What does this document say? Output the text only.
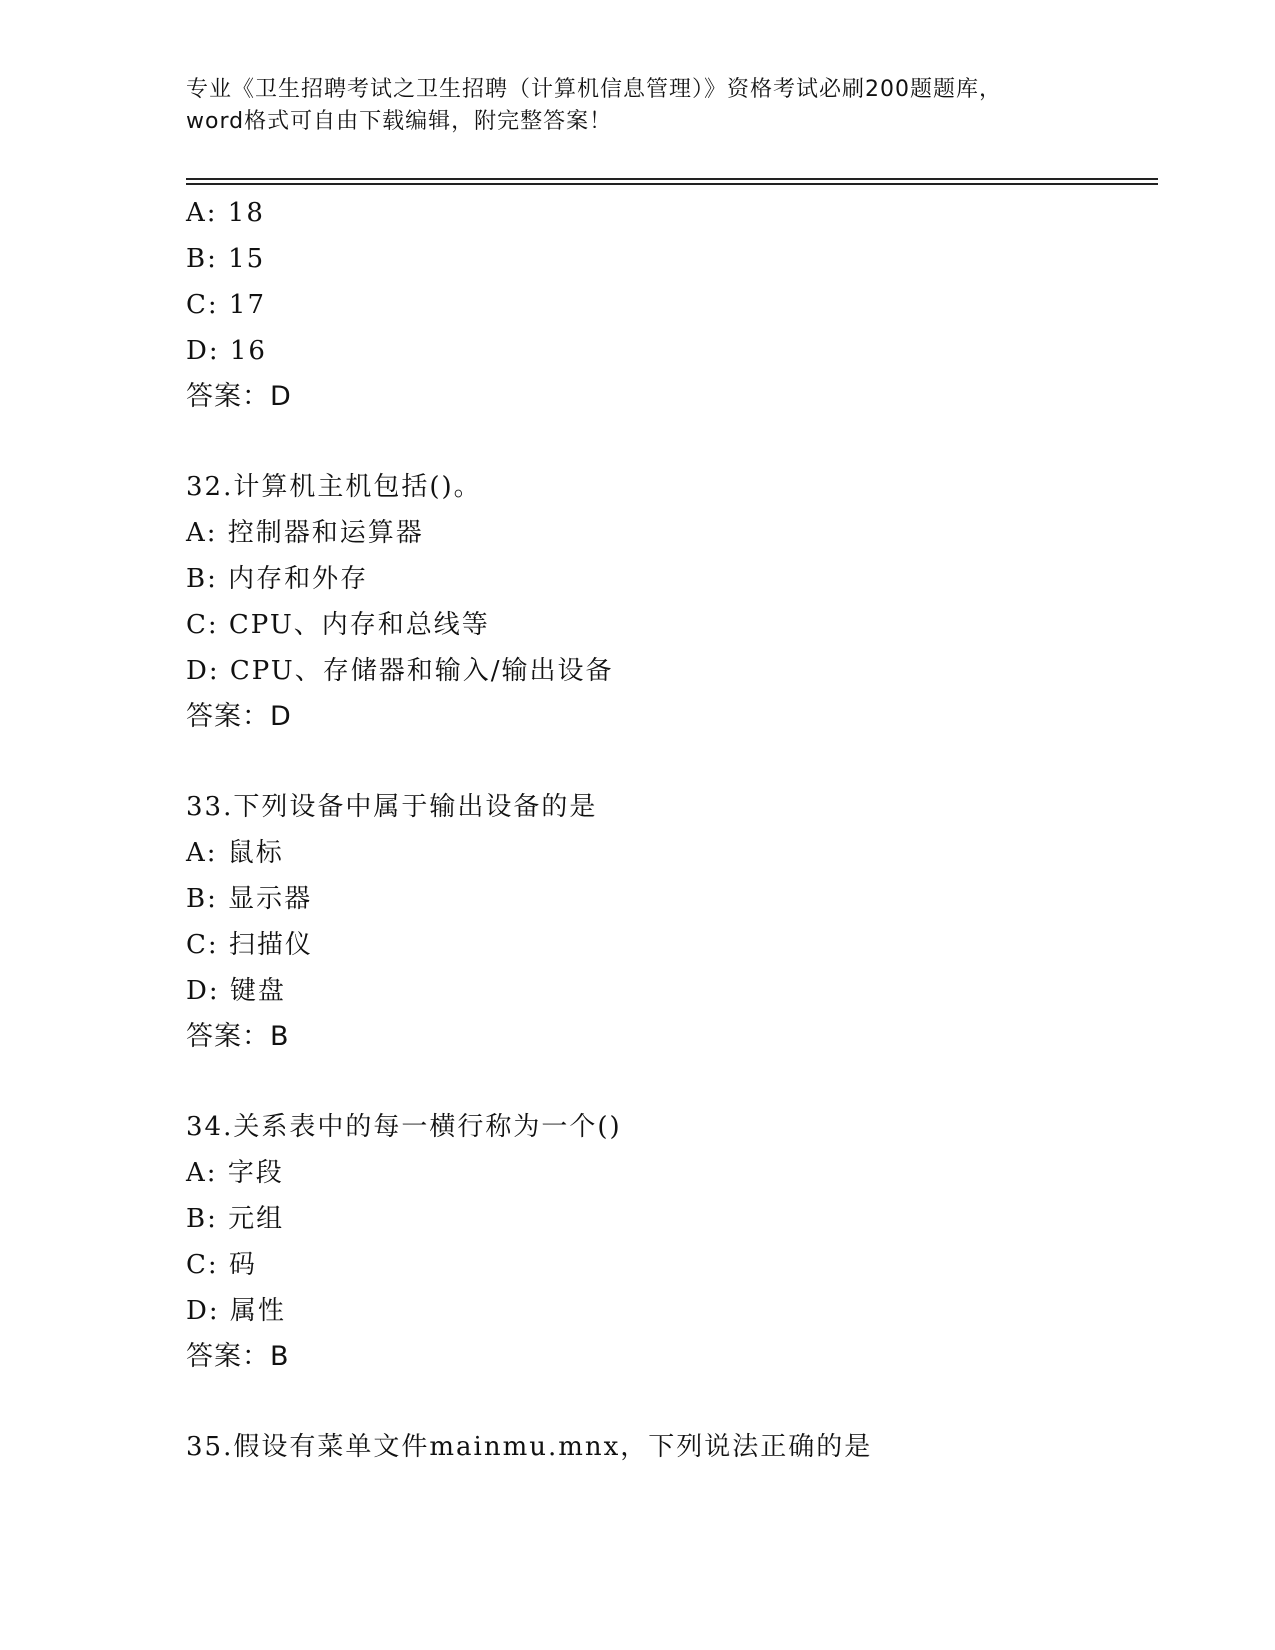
专业《卫生招聘考试之卫生招聘（计算机信息管理）》资格考试必刷200题题库，
word格式可自由下载编辑，附完整答案！
A: 18
B: 15
C: 17
D: 16
答案：D
32.计算机主机包括()。
A: 控制器和运算器
B: 内存和外存
C: CPU、内存和总线等
D: CPU、存储器和输入/输出设备
答案：D
33.下列设备中属于输出设备的是
A: 鼠标
B: 显示器
C: 扫描仪
D: 键盘
答案：B
34.关系表中的每一横行称为一个()
A: 字段
B: 元组
C: 码
D: 属性
答案：B
35.假设有菜单文件mainmu.mnx，下列说法正确的是
